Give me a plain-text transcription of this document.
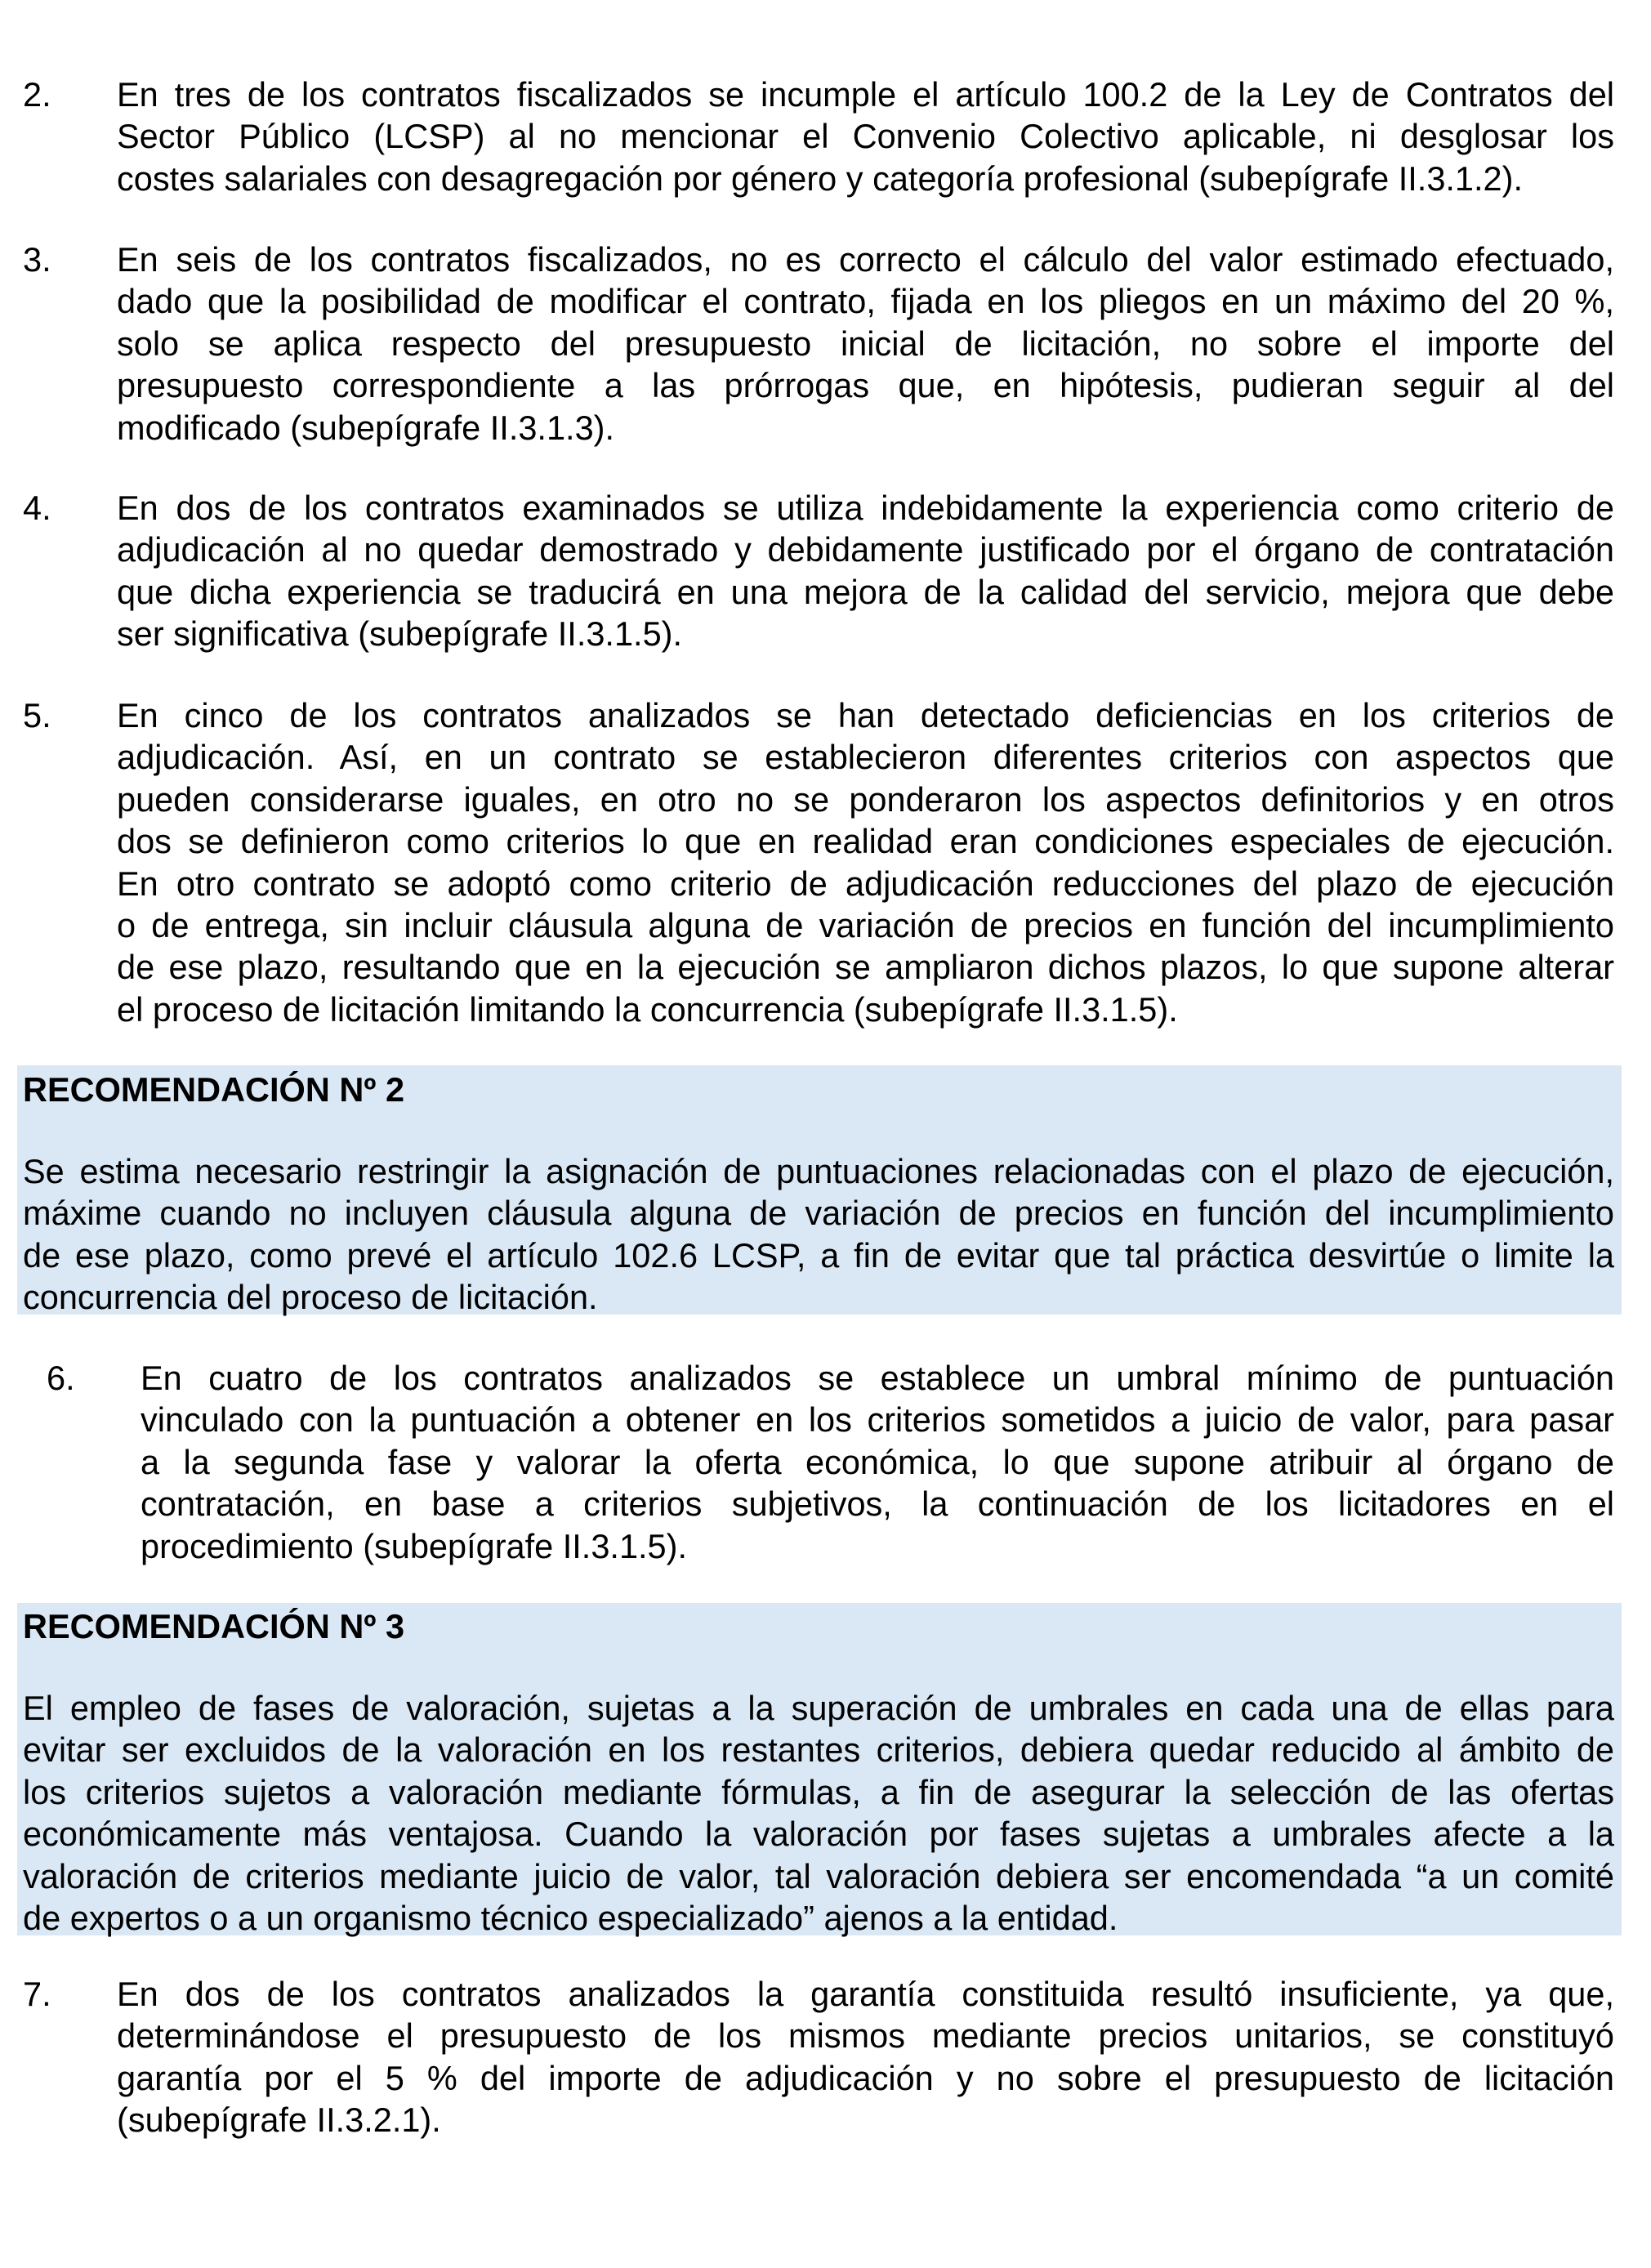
2. En tres de los contratos fiscalizados se incumple el artículo 100.2 de la Ley de Contratos del
Sector Público (LCSP) al no mencionar el Convenio Colectivo aplicable, ni desglosar los
costes salariales con desagregación por género y categoría profesional (subepígrafe II.3.1.2).
3. En seis de los contratos fiscalizados, no es correcto el cálculo del valor estimado efectuado,
dado que la posibilidad de modificar el contrato, fijada en los pliegos en un máximo del 20 %,
solo se aplica respecto del presupuesto inicial de licitación, no sobre el importe del
presupuesto correspondiente a las prórrogas que, en hipótesis, pudieran seguir al del
modificado (subepígrafe II.3.1.3).
4. En dos de los contratos examinados se utiliza indebidamente la experiencia como criterio de
adjudicación al no quedar demostrado y debidamente justificado por el órgano de contratación
que dicha experiencia se traducirá en una mejora de la calidad del servicio, mejora que debe
ser significativa (subepígrafe II.3.1.5).
5. En cinco de los contratos analizados se han detectado deficiencias en los criterios de
adjudicación. Así, en un contrato se establecieron diferentes criterios con aspectos que
pueden considerarse iguales, en otro no se ponderaron los aspectos definitorios y en otros
dos se definieron como criterios lo que en realidad eran condiciones especiales de ejecución.
En otro contrato se adoptó como criterio de adjudicación reducciones del plazo de ejecución
o de entrega, sin incluir cláusula alguna de variación de precios en función del incumplimiento
de ese plazo, resultando que en la ejecución se ampliaron dichos plazos, lo que supone alterar
el proceso de licitación limitando la concurrencia (subepígrafe II.3.1.5).
RECOMENDACIÓN Nº 2
Se estima necesario restringir la asignación de puntuaciones relacionadas con el plazo de ejecución,
máxime cuando no incluyen cláusula alguna de variación de precios en función del incumplimiento
de ese plazo, como prevé el artículo 102.6 LCSP, a fin de evitar que tal práctica desvirtúe o limite la
concurrencia del proceso de licitación.
6. En cuatro de los contratos analizados se establece un umbral mínimo de puntuación
vinculado con la puntuación a obtener en los criterios sometidos a juicio de valor, para pasar
a la segunda fase y valorar la oferta económica, lo que supone atribuir al órgano de
contratación, en base a criterios subjetivos, la continuación de los licitadores en el
procedimiento (subepígrafe II.3.1.5).
RECOMENDACIÓN Nº 3
El empleo de fases de valoración, sujetas a la superación de umbrales en cada una de ellas para
evitar ser excluidos de la valoración en los restantes criterios, debiera quedar reducido al ámbito de
los criterios sujetos a valoración mediante fórmulas, a fin de asegurar la selección de las ofertas
económicamente más ventajosa. Cuando la valoración por fases sujetas a umbrales afecte a la
valoración de criterios mediante juicio de valor, tal valoración debiera ser encomendada “a un comité
de expertos o a un organismo técnico especializado” ajenos a la entidad.
7. En dos de los contratos analizados la garantía constituida resultó insuficiente, ya que,
determinándose el presupuesto de los mismos mediante precios unitarios, se constituyó
garantía por el 5 % del importe de adjudicación y no sobre el presupuesto de licitación
(subepígrafe II.3.2.1).
